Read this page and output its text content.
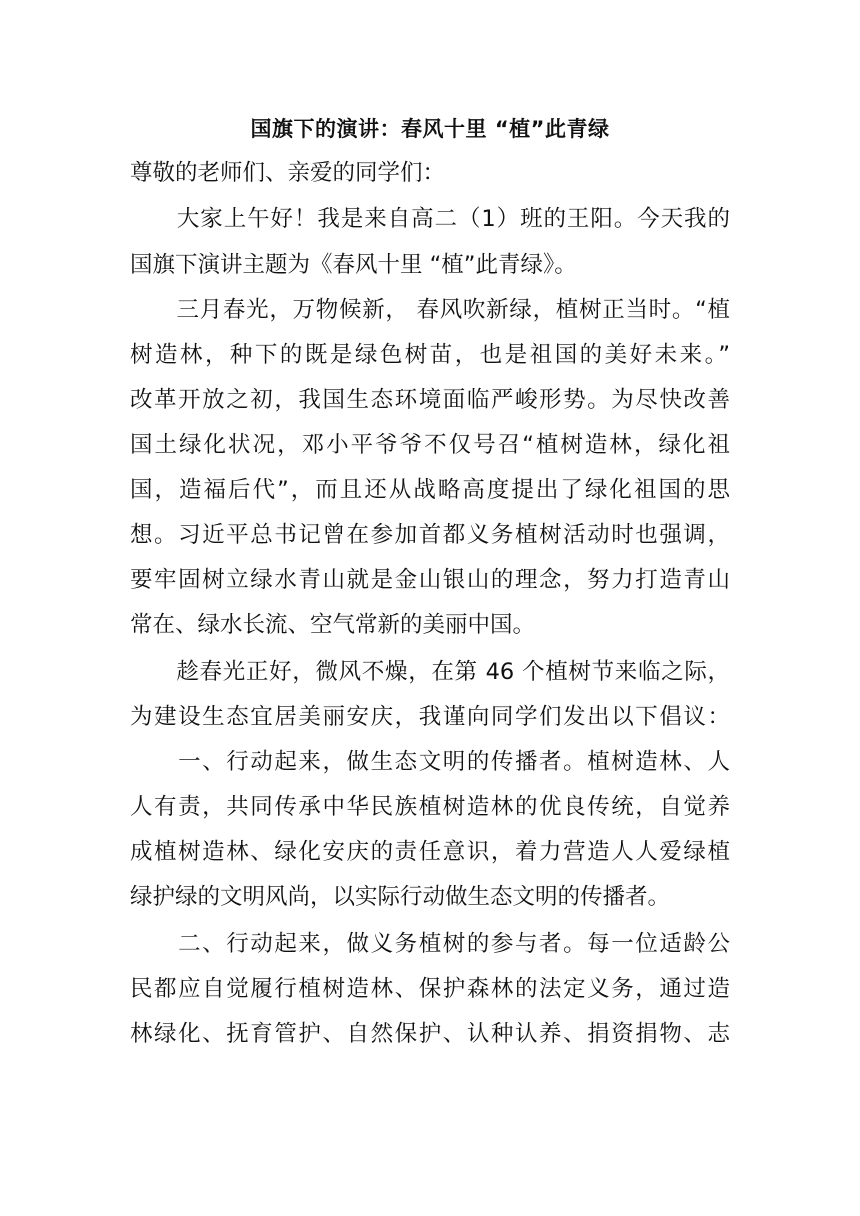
国旗下的演讲：春风十里 “植”此青绿
尊敬的老师们、亲爱的同学们：
　　大家上午好！我是来自高二（1）班的王阳。今天我的
国旗下演讲主题为《春风十里 “植”此青绿》。
　　三月春光，万物候新， 春风吹新绿，植树正当时。“植
树造林，种下的既是绿色树苗，也是祖国的美好未来。”
改革开放之初，我国生态环境面临严峻形势。为尽快改善
国土绿化状况，邓小平爷爷不仅号召“植树造林，绿化祖
国，造福后代”，而且还从战略高度提出了绿化祖国的思
想。习近平总书记曾在参加首都义务植树活动时也强调，
要牢固树立绿水青山就是金山银山的理念，努力打造青山
常在、绿水长流、空气常新的美丽中国。
　　趁春光正好，微风不燥，在第 46 个植树节来临之际，
为建设生态宜居美丽安庆，我谨向同学们发出以下倡议：
　　一、行动起来，做生态文明的传播者。植树造林、人
人有责，共同传承中华民族植树造林的优良传统，自觉养
成植树造林、绿化安庆的责任意识，着力营造人人爱绿植
绿护绿的文明风尚，以实际行动做生态文明的传播者。
　　二、行动起来，做义务植树的参与者。每一位适龄公
民都应自觉履行植树造林、保护森林的法定义务，通过造
林绿化、抚育管护、自然保护、认种认养、捐资捐物、志
